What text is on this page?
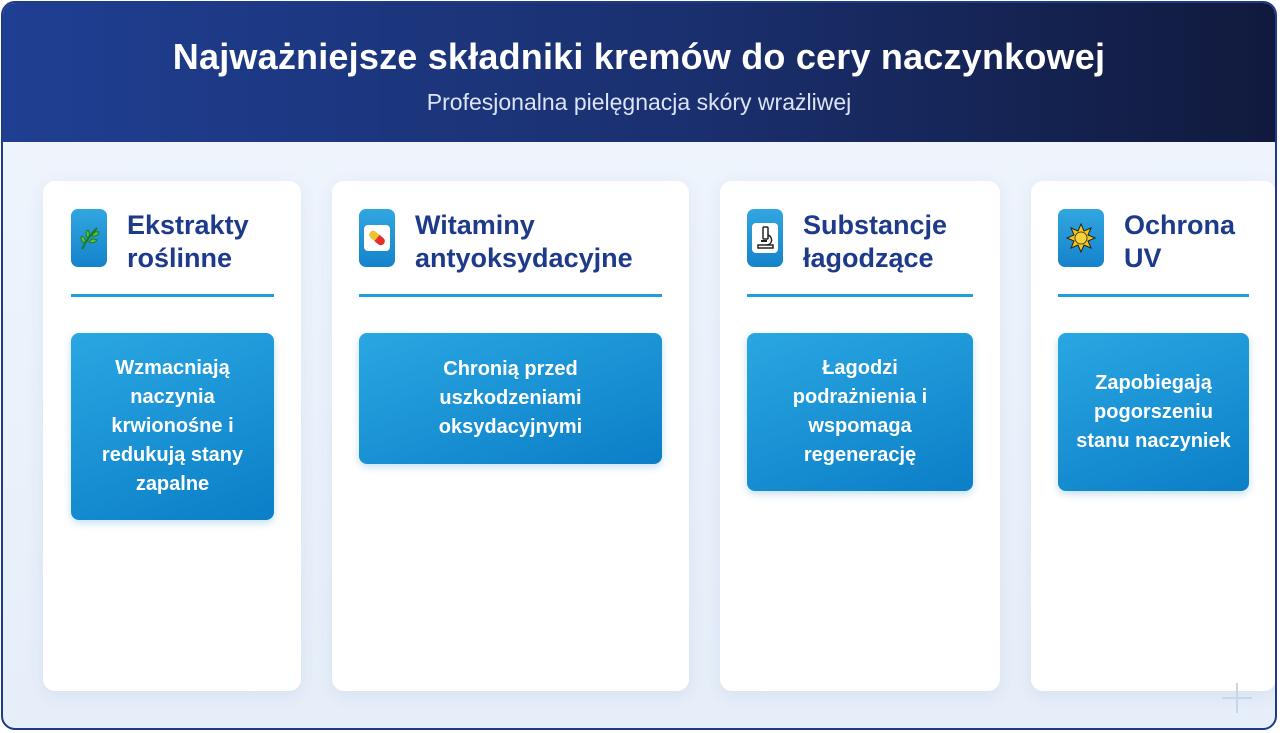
Najważniejsze składniki kremów do cery naczynkowej
Profesjonalna pielęgnacja skóry wrażliwej
Ekstrakty
roślinne
Wzmacniają naczynia krwionośne i redukują stany zapalne
Witaminy
antyoksydacyjne
Chronią przed uszkodzeniami oksydacyjnymi
Substancje
łagodzące
Łagodzi podrażnienia i wspomaga regenerację
Ochrona
UV
Zapobiegają pogorszeniu stanu naczyniek
